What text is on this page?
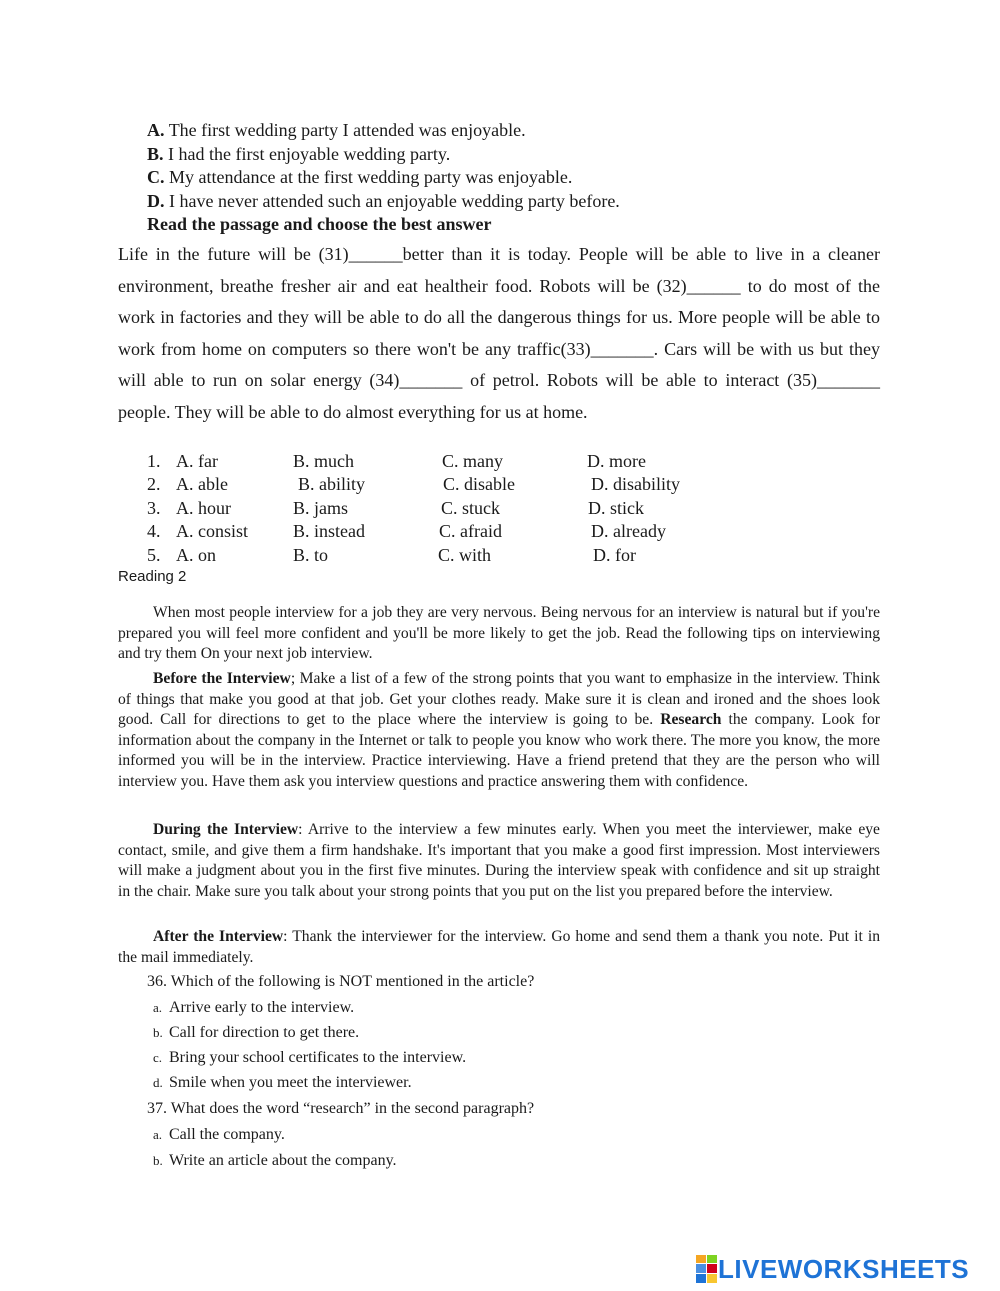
A. The first wedding party I attended was enjoyable.
B. I had the first enjoyable wedding party.
C. My attendance at the first wedding party was enjoyable.
D. I have never attended such an enjoyable wedding party before.
Read the passage and choose the best answer
Life in the future will be (31)______better than it is today. People will be able to live in a cleaner environment, breathe fresher air and eat healtheir food. Robots will be (32)______ to do most of the work in factories and they will be able to do all the dangerous things for us. More people will be able to work from home on computers so there won't be any traffic(33)_______. Cars will be with us but they will able to run on solar energy (34)_______ of petrol. Robots will be able to interact (35)_______ people. They will be able to do almost everything for us at home.
1. A. far	B. much	C. many	D. more
2. A. able	B. ability	C. disable	D. disability
3. A. hour	B. jams	C. stuck	D. stick
4. A. consist	B. instead	C. afraid	D. already
5. A. on	B. to	C. with	D. for
Reading 2
When most people interview for a job they are very nervous. Being nervous for an interview is natural but if you're prepared you will feel more confident and you'll be more likely to get the job. Read the following tips on interviewing and try them On your next job interview.
Before the Interview; Make a list of a few of the strong points that you want to emphasize in the interview. Think of things that make you good at that job. Get your clothes ready. Make sure it is clean and ironed and the shoes look good. Call for directions to get to the place where the interview is going to be. Research the company. Look for information about the company in the Internet or talk to people you know who work there. The more you know, the more informed you will be in the interview. Practice interviewing. Have a friend pretend that they are the person who will interview you. Have them ask you interview questions and practice answering them with confidence.
During the Interview: Arrive to the interview a few minutes early. When you meet the interviewer, make eye contact, smile, and give them a firm handshake. It's important that you make a good first impression. Most interviewers will make a judgment about you in the first five minutes. During the interview speak with confidence and sit up straight in the chair. Make sure you talk about your strong points that you put on the list you prepared before the interview.
After the Interview: Thank the interviewer for the interview. Go home and send them a thank you note. Put it in the mail immediately.
36. Which of the following is NOT mentioned in the article?
a. Arrive early to the interview.
b. Call for direction to get there.
c. Bring your school certificates to the interview.
d. Smile when you meet the interviewer.
37. What does the word “research” in the second paragraph?
a. Call the company.
b. Write an article about the company.
LIVEWORKSHEETS
